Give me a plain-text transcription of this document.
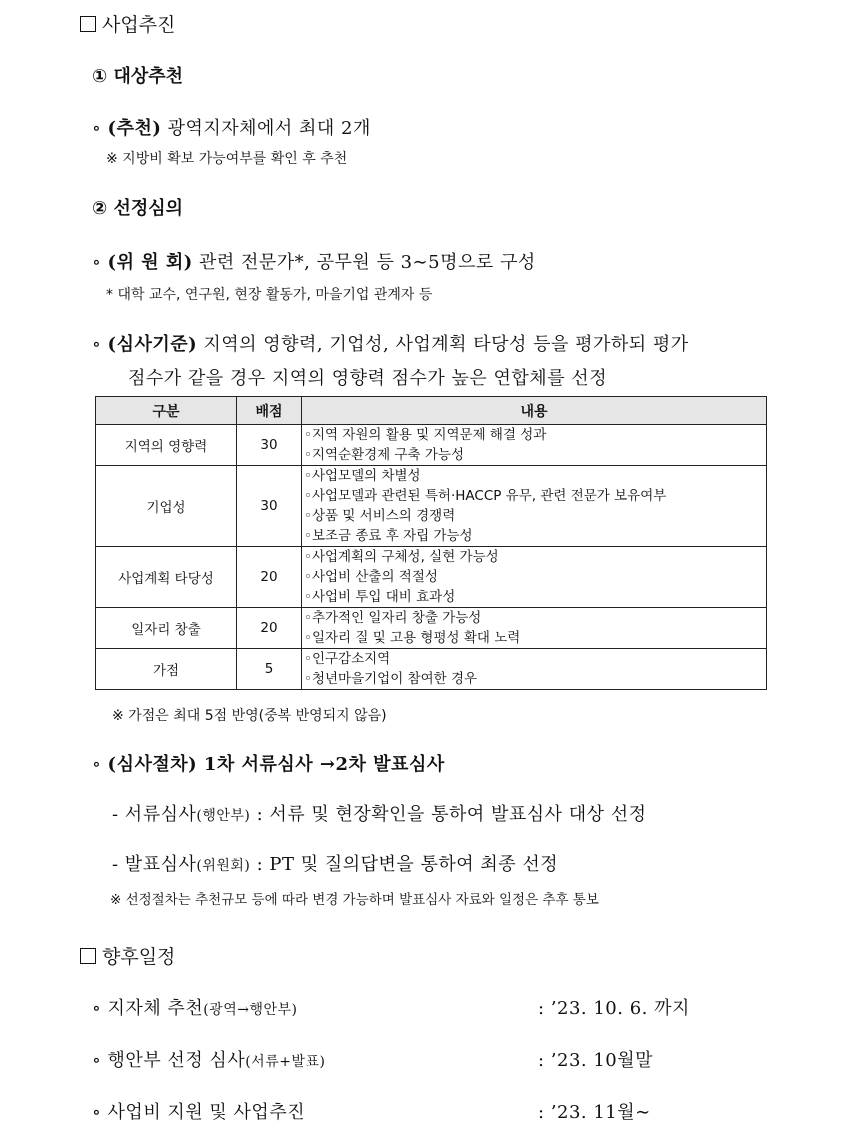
사업추진
① 대상추천
∘ (추천) 광역지자체에서 최대 2개
※ 지방비 확보 가능여부를 확인 후 추천
② 선정심의
∘ (위 원 회) 관련 전문가*, 공무원 등 3∼5명으로 구성
* 대학 교수, 연구원, 현장 활동가, 마을기업 관계자 등
∘ (심사기준) 지역의 영향력, 기업성, 사업계획 타당성 등을 평가하되 평가
점수가 같을 경우 지역의 영향력 점수가 높은 연합체를 선정
구분	배점	내용
지역의 영향력	30	◦지역 자원의 활용 및 지역문제 해결 성과
◦지역순환경제 구축 가능성

기업성	30	◦사업모델의 차별성
◦사업모델과 관련된 특허·HACCP 유무, 관련 전문가 보유여부
◦상품 및 서비스의 경쟁력
◦보조금 종료 후 자립 가능성

사업계획 타당성	20	◦사업계획의 구체성, 실현 가능성
◦사업비 산출의 적절성
◦사업비 투입 대비 효과성

일자리 창출	20	◦추가적인 일자리 창출 가능성
◦일자리 질 및 고용 형평성 확대 노력

가점	5	◦인구감소지역
◦청년마을기업이 참여한 경우
※ 가점은 최대 5점 반영(중복 반영되지 않음)
∘ (심사절차) 1차 서류심사 →2차 발표심사
- 서류심사(행안부) : 서류 및 현장확인을 통하여 발표심사 대상 선정
- 발표심사(위원회) : PT 및 질의답변을 통하여 최종 선정
※ 선정절차는 추천규모 등에 따라 변경 가능하며 발표심사 자료와 일정은 추후 통보
향후일정
∘ 지자체 추천(광역→행안부)	: ’23. 10. 6. 까지
∘ 행안부 선정 심사(서류+발표)	: ’23. 10월말
∘ 사업비 지원 및 사업추진	: ’23. 11월∼
